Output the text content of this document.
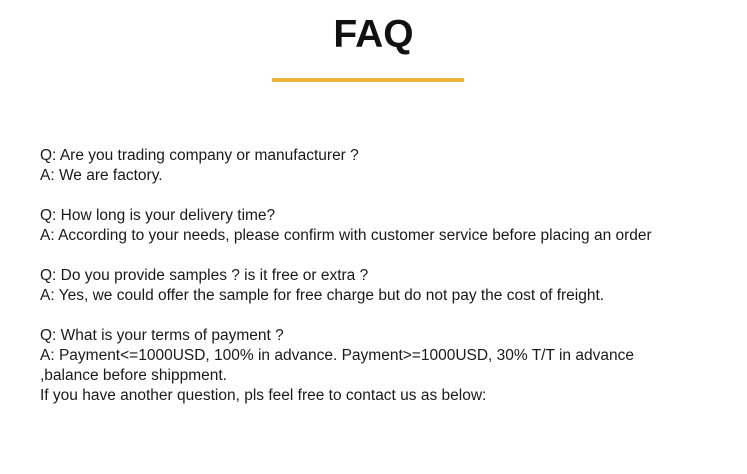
FAQ
Q: Are you trading company or manufacturer ?
A: We are factory.
Q: How long is your delivery time?
A: According to your needs, please confirm with customer service before placing an order
Q: Do you provide samples ? is it free or extra ?
A: Yes, we could offer the sample for free charge but do not pay the cost of freight.
Q: What is your terms of payment ?
A: Payment<=1000USD, 100% in advance. Payment>=1000USD, 30% T/T in advance
,balance before shippment.
If you have another question, pls feel free to contact us as below:
